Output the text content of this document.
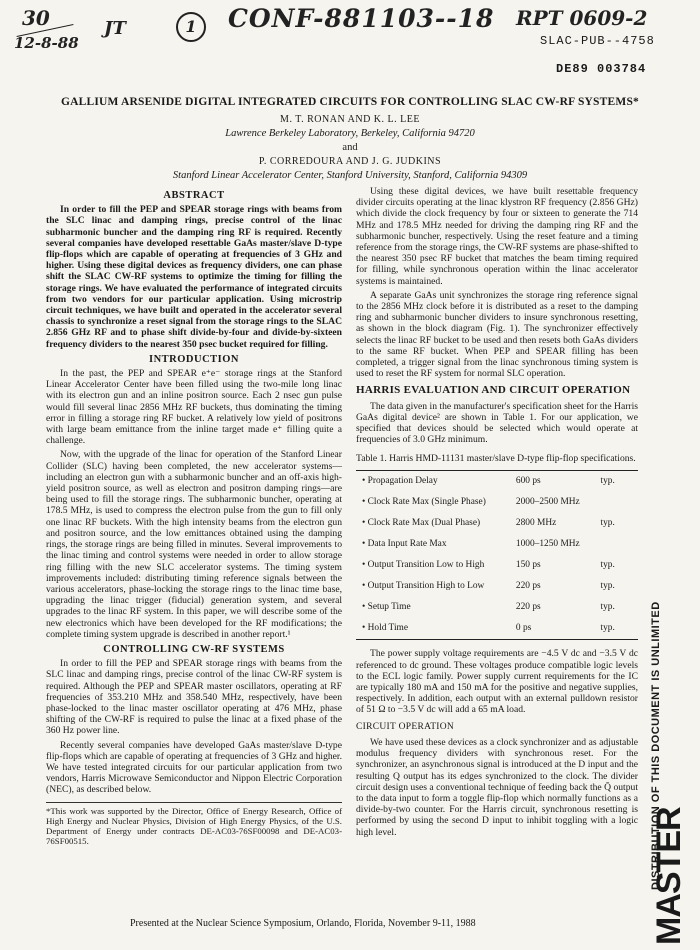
30
12-8-88
JT	1	CONF-881103--18 RPT 0609-2
SLAC-PUB--4758
DE89 003784
GALLIUM ARSENIDE DIGITAL INTEGRATED CIRCUITS FOR CONTROLLING SLAC CW-RF SYSTEMS*
M. T. RONAN AND K. L. LEE
Lawrence Berkeley Laboratory, Berkeley, California 94720
and
P. CORREDOURA AND J. G. JUDKINS
Stanford Linear Accelerator Center, Stanford University, Stanford, California 94309
ABSTRACT

In order to fill the PEP and SPEAR storage rings with beams from the SLC linac and damping rings, precise control of the linac subharmonic buncher and the damping ring RF is required. Recently several companies have developed resettable GaAs master/slave D-type flip-flops which are capable of operating at frequencies of 3 GHz and higher. Using these digital devices as frequency dividers, one can phase shift the SLAC CW-RF systems to optimize the timing for filling the storage rings. We have evaluated the performance of integrated circuits from two vendors for our particular application. Using microstrip circuit techniques, we have built and operated in the accelerator several chassis to synchronize a reset signal from the storage rings to the SLAC 2.856 GHz RF and to phase shift divide-by-four and divide-by-sixteen frequency dividers to the nearest 350 psec bucket required for filling.

INTRODUCTION

In the past, the PEP and SPEAR e⁺e⁻ storage rings at the Stanford Linear Accelerator Center have been filled using the two-mile long linac with its electron gun and an inline positron source. Each 2 nsec gun pulse would fill several linac 2856 MHz RF buckets, thus dominating the timing error in filling a storage ring RF bucket. A relatively low yield of positrons with large beam emittance from the inline target made e⁺ filling quite a challenge.

Now, with the upgrade of the linac for operation of the Stanford Linear Collider (SLC) having been completed, the new accelerator systems—including an electron gun with a subharmonic buncher and an off-axis high-yield positron source, as well as electron and positron damping rings—are being used to fill the storage rings. The subharmonic buncher, operating at 178.5 MHz, is used to compress the electron pulse from the gun to fill only one linac RF buckets. With the high intensity beams from the electron gun and positron source, and the low emittances obtained using the damping rings, the storage rings are being filled in minutes. Several improvements to the linac timing and control systems were needed in order to allow storage ring filling with the new SLC accelerator systems. The timing system improvements included: distributing timing reference signals between the various accelerators, phase-locking the storage rings to the linac time base, upgrading the linac trigger (fiducial) generation system, and several upgrades to the linac RF system. In this paper, we will describe some of the new electronics which have been developed for the RF modifications; the complete timing system upgrade is described in another report.¹

CONTROLLING CW-RF SYSTEMS

In order to fill the PEP and SPEAR storage rings with beams from the SLC linac and damping rings, precise control of the linac CW-RF system is required. Although the PEP and SPEAR master oscillators, operating at RF frequencies of 353.210 MHz and 358.540 MHz, respectively, have been phase-locked to the linac master oscillator operating at 476 MHz, phase shifting of the CW-RF is required to pulse the linac at a fixed phase of the 360 Hz power line.

Recently several companies have developed GaAs master/slave D-type flip-flops which are capable of operating at frequencies of 3 GHz and higher. We have tested integrated circuits for our particular application from two vendors, Harris Microwave Semiconductor and Nippon Electric Corporation (NEC), as described below.

*This work was supported by the Director, Office of Energy Research, Office of High Energy and Nuclear Physics, Division of High Energy Physics, of the U.S. Department of Energy under contracts DE-AC03-76SF00098 and DE-AC03-76SF00515.

Using these digital devices, we have built resettable frequency divider circuits operating at the linac klystron RF frequency (2.856 GHz) which divide the clock frequency by four or sixteen to generate the 714 MHz and 178.5 MHz needed for driving the damping ring RF and the subharmonic buncher, respectively. Using the reset feature and a timing reference from the storage rings, the CW-RF systems are phase-shifted to the nearest 350 psec RF bucket that matches the beam timing required for filling, while synchronous operation within the linac accelerator systems is maintained.

A separate GaAs unit synchronizes the storage ring reference signal to the 2856 MHz clock before it is distributed as a reset to the damping ring and subharmonic buncher dividers to insure synchronous resetting, as shown in the block diagram (Fig. 1). The synchronizer effectively selects the linac RF bucket to be used and then resets both GaAs dividers to the same RF bucket. When PEP and SPEAR filling has been completed, a trigger signal from the linac synchronous timing system is used to reset the RF system for normal SLC operation.

HARRIS EVALUATION AND CIRCUIT OPERATION

The data given in the manufacturer's specification sheet for the Harris GaAs digital device² are shown in Table 1. For our application, we specified that devices should be selected which would operate at frequencies of 3.0 GHz minimum.

Table 1. Harris HMD-11131 master/slave D-type flip-flop specifications.
• Propagation Delay	600 ps	typ.
• Clock Rate Max (Single Phase)	2000–2500 MHz	
• Clock Rate Max (Dual Phase)	2800 MHz	typ.
• Data Input Rate Max	1000–1250 MHz	
• Output Transition Low to High	150 ps	typ.
• Output Transition High to Low	220 ps	typ.
• Setup Time	220 ps	typ.
• Hold Time	0 ps	typ.

The power supply voltage requirements are −4.5 V dc and −3.5 V dc referenced to dc ground. These voltages produce compatible logic levels to the ECL logic family. Power supply current requirements for the IC are typically 180 mA and 150 mA for the positive and negative supplies, respectively. In addition, each output with an external pulldown resistor of 51 Ω to −3.5 V dc will add a 65 mA load.

CIRCUIT OPERATION

We have used these devices as a clock synchronizer and as adjustable modulus frequency dividers with synchronous reset. For the synchronizer, an asynchronous signal is introduced at the D input and the resulting Q output has its edges synchronized to the clock. The divider circuit design uses a conventional technique of feeding back the Q̄ output to the data input to form a toggle flip-flop which normally functions as a divide-by-two counter. For the Harris circuit, synchronous resetting is performed by using the second D input to inhibit toggling with a logic high level.

Presented at the Nuclear Science Symposium, Orlando, Florida, November 9-11, 1988
DISTRIBUTION OF THIS DOCUMENT IS UNLIMITED
MASTER
